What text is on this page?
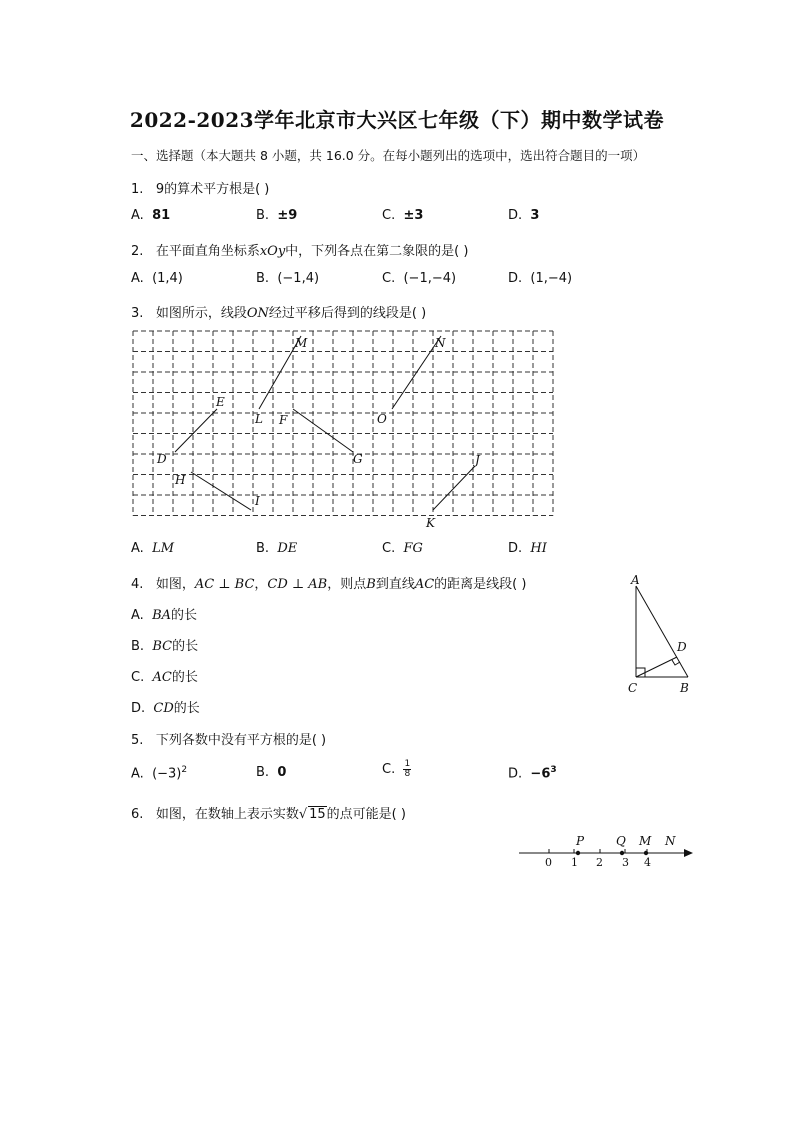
2022-2023学年北京市大兴区七年级（下）期中数学试卷
一、选择题（本大题共 8 小题，共 16.0 分。在每小题列出的选项中，选出符合题目的一项）
1. 9的算术平方根是( )
A. 81	B. ±9	C. ±3	D. 3
2. 在平面直角坐标系xOy中，下列各点在第二象限的是( )
A. (1,4)	B. (−1,4)	C. (−1,−4)	D. (1,−4)
3. 如图所示，线段ON经过平移后得到的线段是( )
M	N
E
L F	O
D	G
H
I
J
K
A. LM	B. DE	C. FG	D. HI
4. 如图，AC ⊥ BC，CD ⊥ AB，则点B到直线AC的距离是线段( )
A. BA的长
B. BC的长
C. AC的长
D. CD的长
A
D
C	B
5. 下列各数中没有平方根的是( )
A. $(-3)^2$	B. 0	C. $\frac{1}{8}$	D. $-6^3$
6. 如图，在数轴上表示实数√ 15的点可能是( )
0 1 2 3 4
P	Q M N
